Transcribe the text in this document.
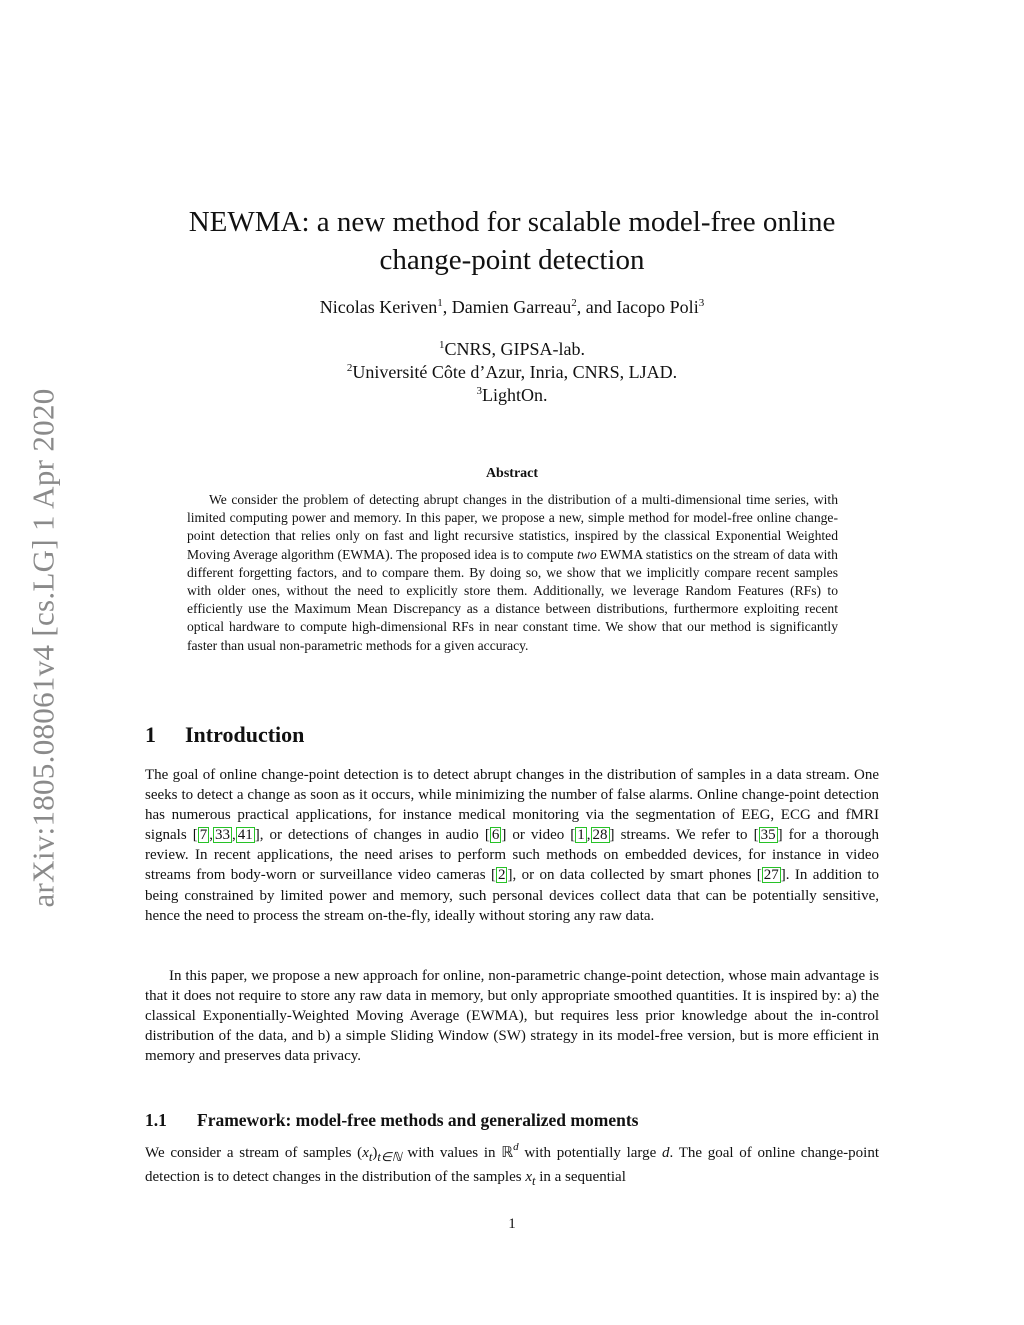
arXiv:1805.08061v4 [cs.LG] 1 Apr 2020
NEWMA: a new method for scalable model-free online
change-point detection
Nicolas Keriven$^1$, Damien Garreau$^2$, and Iacopo Poli$^3$
$^1$CNRS, GIPSA-lab.
$^2$Université Côte d’Azur, Inria, CNRS, LJAD.
$^3$LightOn.
Abstract
We consider the problem of detecting abrupt changes in the distribution of a multi-dimensional time series, with limited computing power and memory. In this paper, we propose a new, simple method for model-free online change-point detection that relies only on fast and light recursive statistics, inspired by the classical Exponential Weighted Moving Average algorithm (EWMA). The proposed idea is to compute two EWMA statistics on the stream of data with different forgetting factors, and to compare them. By doing so, we show that we implicitly compare recent samples with older ones, without the need to explicitly store them. Additionally, we leverage Random Features (RFs) to efficiently use the Maximum Mean Discrepancy as a distance between distributions, furthermore exploiting recent optical hardware to compute high-dimensional RFs in near constant time. We show that our method is significantly faster than usual non-parametric methods for a given accuracy.
1 Introduction
The goal of online change-point detection is to detect abrupt changes in the distribution of samples in a data stream. One seeks to detect a change as soon as it occurs, while minimizing the number of false alarms. Online change-point detection has numerous practical applications, for instance medical monitoring via the segmentation of EEG, ECG and fMRI signals [ 7 , 33 , 41 ], or detections of changes in audio [ 6 ] or video [ 1 , 28 ] streams. We refer to [ 35 ] for a thorough review. In recent applications, the need arises to perform such methods on embedded devices, for instance in video streams from body-worn or surveillance video cameras [ 2 ], or on data collected by smart phones [ 27 ]. In addition to being constrained by limited power and memory, such personal devices collect data that can be potentially sensitive, hence the need to process the stream on-the-fly, ideally without storing any raw data.
In this paper, we propose a new approach for online, non-parametric change-point detection, whose main advantage is that it does not require to store any raw data in memory, but only appropriate smoothed quantities. It is inspired by: a) the classical Exponentially-Weighted Moving Average (EWMA), but requires less prior knowledge about the in-control distribution of the data, and b) a simple Sliding Window (SW) strategy in its model-free version, but is more efficient in memory and preserves data privacy.
1.1 Framework: model-free methods and generalized moments
We consider a stream of samples $(x_t)_{t\in ℕ}$ with values in ℝ$^d$ with potentially large d. The goal of online change-point detection is to detect changes in the distribution of the samples $x_t$ in a sequential
1
